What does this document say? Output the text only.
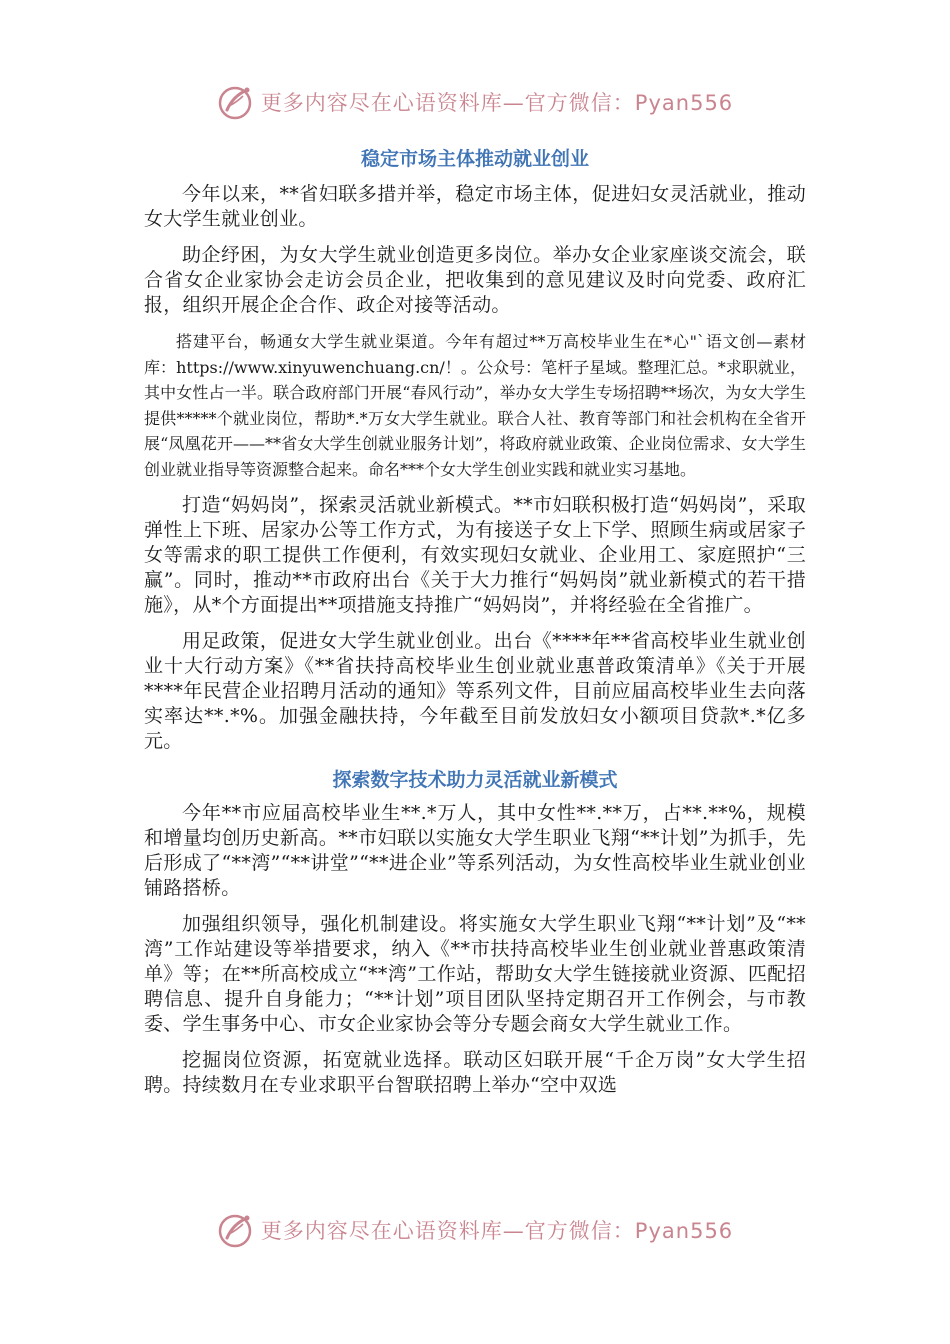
更多内容尽在心语资料库—官方微信：Pyan556
稳定市场主体推动就业创业

今年以来，**省妇联多措并举，稳定市场主体，促进妇女灵活就业，推动女大学生就业创业。

助企纾困，为女大学生就业创造更多岗位。举办女企业家座谈交流会，联合省女企业家协会走访会员企业，把收集到的意见建议及时向党委、政府汇报，组织开展企企合作、政企对接等活动。

搭建平台，畅通女大学生就业渠道。今年有超过**万高校毕业生在*心"`语文创—素材库：https://www.xinyuwenchuang.cn/！。公众号：笔杆子星域。整理汇总。*求职就业，其中女性占一半。联合政府部门开展“春风行动”，举办女大学生专场招聘**场次，为女大学生提供*****个就业岗位，帮助*.*万女大学生就业。联合人社、教育等部门和社会机构在全省开展“凤凰花开——**省女大学生创就业服务计划”，将政府就业政策、企业岗位需求、女大学生创业就业指导等资源整合起来。命名***个女大学生创业实践和就业实习基地。

打造“妈妈岗”，探索灵活就业新模式。**市妇联积极打造“妈妈岗”，采取弹性上下班、居家办公等工作方式，为有接送子女上下学、照顾生病或居家子女等需求的职工提供工作便利，有效实现妇女就业、企业用工、家庭照护“三赢”。同时，推动**市政府出台《关于大力推行“妈妈岗”就业新模式的若干措施》，从*个方面提出**项措施支持推广“妈妈岗”，并将经验在全省推广。

用足政策，促进女大学生就业创业。出台《****年**省高校毕业生就业创业十大行动方案》《**省扶持高校毕业生创业就业惠普政策清单》《关于开展****年民营企业招聘月活动的通知》等系列文件，目前应届高校毕业生去向落实率达**.*%。加强金融扶持，今年截至目前发放妇女小额项目贷款*.*亿多元。

探索数字技术助力灵活就业新模式

今年**市应届高校毕业生**.*万人，其中女性**.**万，占**.**%，规模和增量均创历史新高。**市妇联以实施女大学生职业飞翔“**计划”为抓手，先后形成了“**湾”“**讲堂”“**进企业”等系列活动，为女性高校毕业生就业创业铺路搭桥。

加强组织领导，强化机制建设。将实施女大学生职业飞翔“**计划”及“**湾”工作站建设等举措要求，纳入《**市扶持高校毕业生创业就业普惠政策清单》等；在**所高校成立“**湾”工作站，帮助女大学生链接就业资源、匹配招聘信息、提升自身能力；“**计划”项目团队坚持定期召开工作例会，与市教委、学生事务中心、市女企业家协会等分专题会商女大学生就业工作。

挖掘岗位资源，拓宽就业选择。联动区妇联开展“千企万岗”女大学生招聘。持续数月在专业求职平台智联招聘上举办“空中双选

更多内容尽在心语资料库—官方微信：Pyan556
